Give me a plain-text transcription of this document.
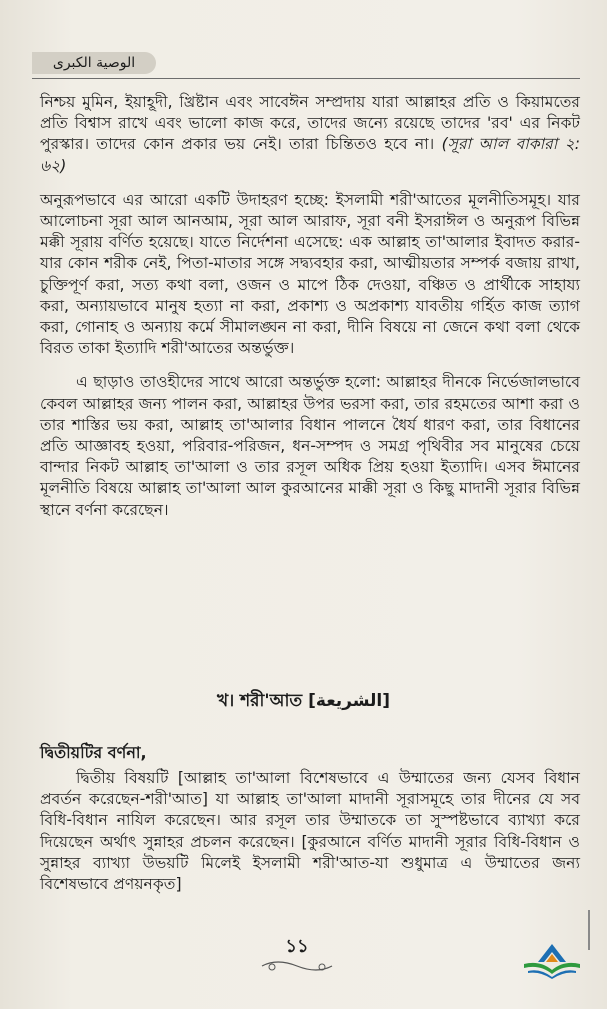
الوصية الكبرى

নিশ্চয় মুমিন, ইয়াহূদী, খ্রিষ্টান এবং সাবেঈন সম্প্রদায় যারা আল্লাহর প্রতি ও কিয়ামতের প্রতি বিশ্বাস রাখে এবং ভালো কাজ করে, তাদের জন্যে রয়েছে তাদের 'রব' এর নিকট পুরস্কার। তাদের কোন প্রকার ভয় নেই। তারা চিন্তিতও হবে না। (সূরা আল বাকারা ২: ৬২)

অনুরূপভাবে এর আরো একটি উদাহরণ হচ্ছে: ইসলামী শরী'আতের মূলনীতিসমূহ। যার আলোচনা সূরা আল আনআম, সূরা আল আরাফ, সূরা বনী ইসরাঈল ও অনুরূপ বিভিন্ন মক্কী সূরায় বর্ণিত হয়েছে। যাতে নির্দেশনা এসেছে: এক আল্লাহ তা'আলার ইবাদত করার- যার কোন শরীক নেই, পিতা-মাতার সঙ্গে সদ্ব্যবহার করা, আত্মীয়তার সম্পর্ক বজায় রাখা, চুক্তিপূর্ণ করা, সত্য কথা বলা, ওজন ও মাপে ঠিক দেওয়া, বঞ্চিত ও প্রার্থীকে সাহায্য করা, অন্যায়ভাবে মানুষ হত্যা না করা, প্রকাশ্য ও অপ্রকাশ্য যাবতীয় গর্হিত কাজ ত্যাগ করা, গোনাহ ও অন্যায় কর্মে সীমালঙ্ঘন না করা, দীনি বিষয়ে না জেনে কথা বলা থেকে বিরত তাকা ইত্যাদি শরী'আতের অন্তর্ভুক্ত।

এ ছাড়াও তাওহীদের সাথে আরো অন্তর্ভুক্ত হলো: আল্লাহর দীনকে নির্ভেজালভাবে কেবল আল্লাহর জন্য পালন করা, আল্লাহর উপর ভরসা করা, তার রহমতের আশা করা ও তার শাস্তির ভয় করা, আল্লাহ তা'আলার বিধান পালনে ধৈর্য ধারণ করা, তার বিধানের প্রতি আজ্ঞাবহ হওয়া, পরিবার-পরিজন, ধন-সম্পদ ও সমগ্র পৃথিবীর সব মানুষের চেয়ে বান্দার নিকট আল্লাহ তা'আলা ও তার রসূল অধিক প্রিয় হওয়া ইত্যাদি। এসব ঈমানের মূলনীতি বিষয়ে আল্লাহ তা'আলা আল কুরআনের মাক্কী সূরা ও কিছু মাদানী সূরার বিভিন্ন স্থানে বর্ণনা করেছেন।

খ। শরী'আত [الشريعة]
দ্বিতীয়টির বর্ণনা,
দ্বিতীয় বিষয়টি [আল্লাহ তা'আলা বিশেষভাবে এ উম্মাতের জন্য যেসব বিধান প্রবর্তন করেছেন-শরী'আত] যা আল্লাহ তা'আলা মাদানী সূরাসমূহে তার দীনের যে সব বিধি-বিধান নাযিল করেছেন। আর রসূল তার উম্মাতকে তা সুস্পষ্টভাবে ব্যাখ্যা করে দিয়েছেন অর্থাৎ সুন্নাহর প্রচলন করেছেন। [কুরআনে বর্ণিত মাদানী সূরার বিধি-বিধান ও সুন্নাহর ব্যাখ্যা উভয়টি মিলেই ইসলামী শরী'আত-যা শুধুমাত্র এ উম্মাতের জন্য বিশেষভাবে প্রণয়নকৃত]
১১
